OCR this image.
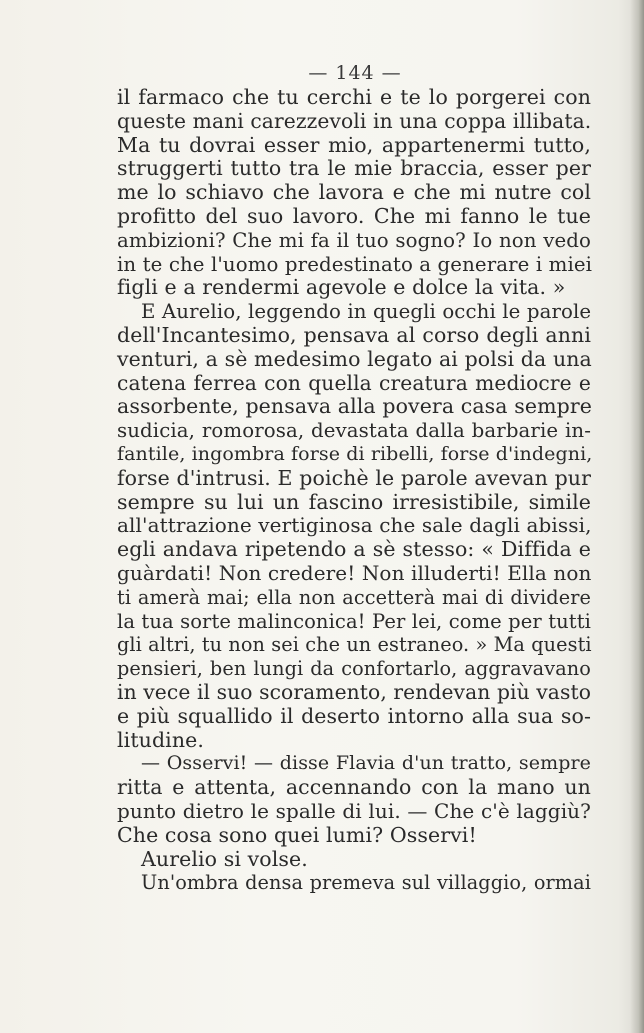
— 144 —
il farmaco che tu cerchi e te lo porgerei con
queste mani carezzevoli in una coppa illibata.
Ma tu dovrai esser mio, appartenermi tutto,
struggerti tutto tra le mie braccia, esser per
me lo schiavo che lavora e che mi nutre col
profitto del suo lavoro. Che mi fanno le tue
ambizioni? Che mi fa il tuo sogno? Io non vedo
in te che l'uomo predestinato a generare i miei
figli e a rendermi agevole e dolce la vita. »
E Aurelio, leggendo in quegli occhi le parole
dell'Incantesimo, pensava al corso degli anni
venturi, a sè medesimo legato ai polsi da una
catena ferrea con quella creatura mediocre e
assorbente, pensava alla povera casa sempre
sudicia, romorosa, devastata dalla barbarie in-
fantile, ingombra forse di ribelli, forse d'indegni,
forse d'intrusi. E poichè le parole avevan pur
sempre su lui un fascino irresistibile, simile
all'attrazione vertiginosa che sale dagli abissi,
egli andava ripetendo a sè stesso: « Diffida e
guàrdati! Non credere! Non illuderti! Ella non
ti amerà mai; ella non accetterà mai di dividere
la tua sorte malinconica! Per lei, come per tutti
gli altri, tu non sei che un estraneo. » Ma questi
pensieri, ben lungi da confortarlo, aggravavano
in vece il suo scoramento, rendevan più vasto
e più squallido il deserto intorno alla sua so-
litudine.
— Osservi! — disse Flavia d'un tratto, sempre
ritta e attenta, accennando con la mano un
punto dietro le spalle di lui. — Che c'è laggiù?
Che cosa sono quei lumi? Osservi!
Aurelio si volse.
Un'ombra densa premeva sul villaggio, ormai
